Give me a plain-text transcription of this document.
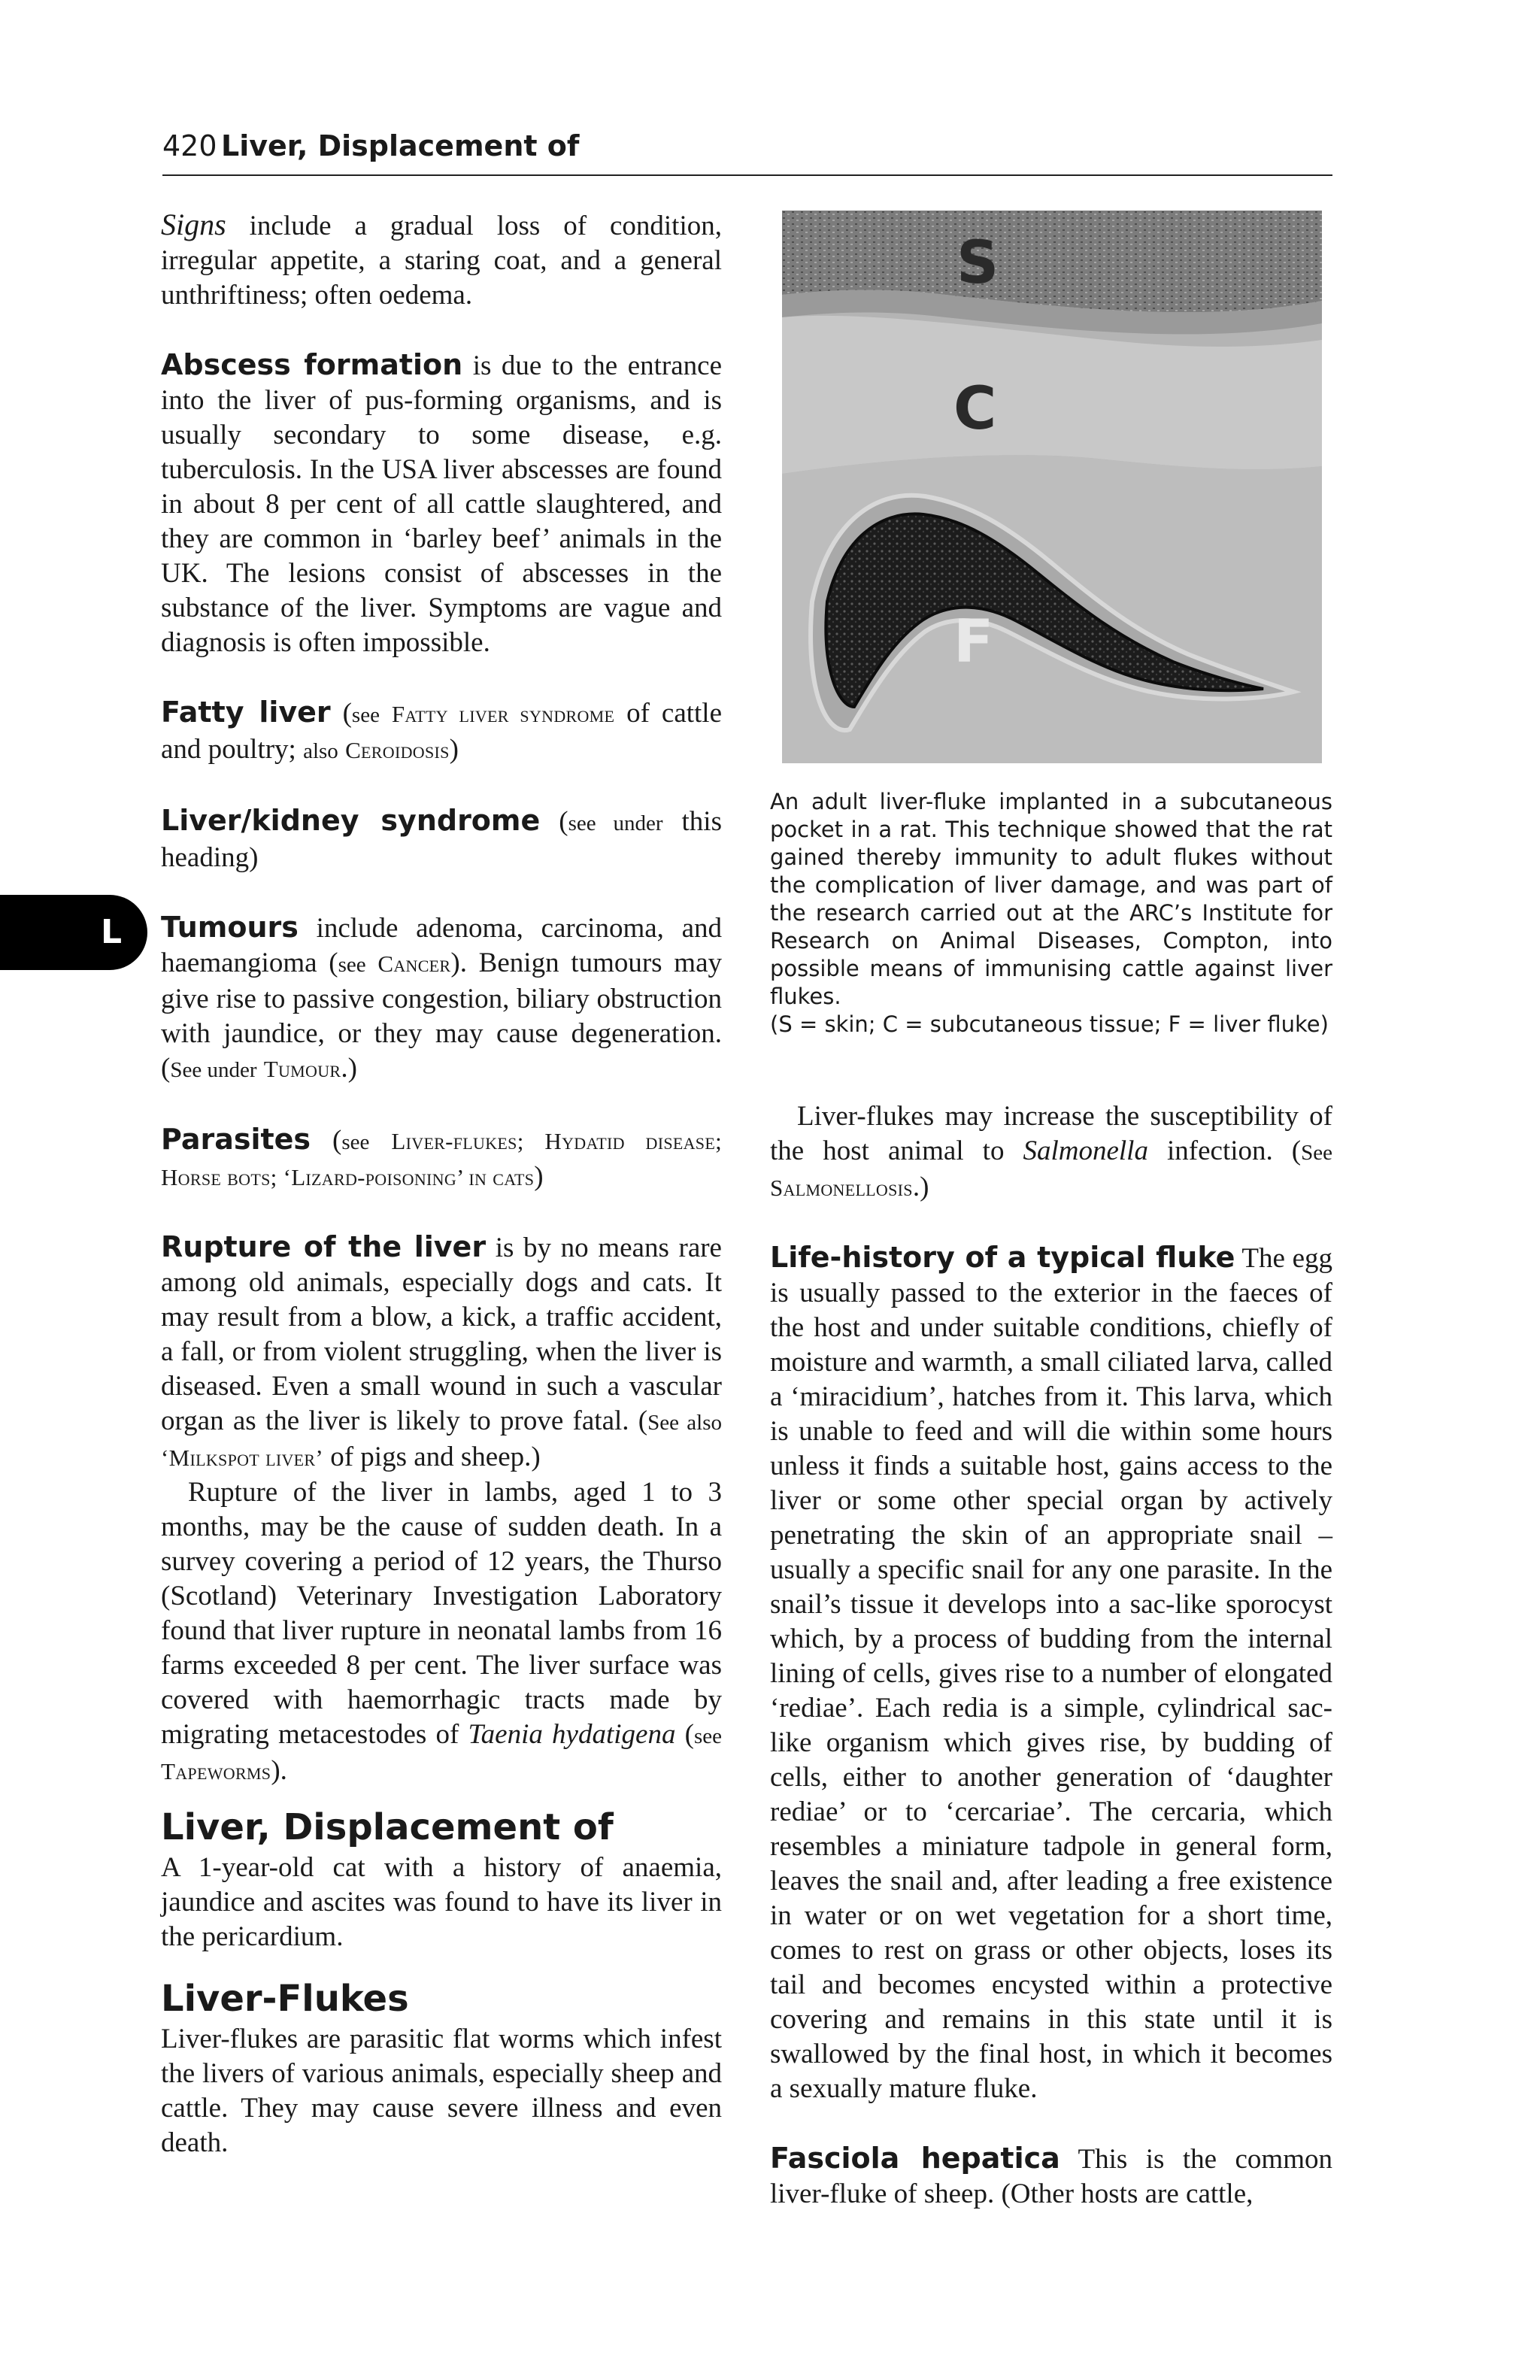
420 Liver, Displacement of
L

Signs include a gradual loss of condition, irregular appetite, a staring coat, and a general unthriftiness; often oedema.

Abscess formation is due to the entrance into the liver of pus-forming organisms, and is usually secondary to some disease, e.g. tuberculosis. In the USA liver abscesses are found in about 8 per cent of all cattle slaughtered, and they are common in ‘barley beef’ animals in the UK. The lesions consist of abscesses in the substance of the liver. Symptoms are vague and diagnosis is often impossible.

Fatty liver (see Fatty liver syndrome of cattle and poultry; also Ceroidosis)

Liver/kidney syndrome (see under this heading)

Tumours include adenoma, carcinoma, and haemangioma (see Cancer). Benign tumours may give rise to passive congestion, biliary obstruction with jaundice, or they may cause degeneration. (See under Tumour.)

Parasites (see Liver-flukes; Hydatid disease; Horse bots; ‘Lizard-poisoning’ in cats)

Rupture of the liver is by no means rare among old animals, especially dogs and cats. It may result from a blow, a kick, a traffic accident, a fall, or from violent struggling, when the liver is diseased. Even a small wound in such a vascular organ as the liver is likely to prove fatal. (See also ‘Milkspot liver’ of pigs and sheep.)

Rupture of the liver in lambs, aged 1 to 3 months, may be the cause of sudden death. In a survey covering a period of 12 years, the Thurso (Scotland) Veterinary Investigation Laboratory found that liver rupture in neonatal lambs from 16 farms exceeded 8 per cent. The liver surface was covered with haemorrhagic tracts made by migrating metacestodes of Taenia hydatigena (see Tapeworms).

Liver, Displacement of

A 1-year-old cat with a history of anaemia, jaundice and ascites was found to have its liver in the pericardium.

Liver-Flukes

Liver-flukes are parasitic flat worms which infest the livers of various animals, especially sheep and cattle. They may cause severe illness and even death.

S
C
F

An adult liver-fluke implanted in a subcutaneous pocket in a rat. This technique showed that the rat gained thereby immunity to adult flukes without the complication of liver damage, and was part of the research carried out at the ARC’s Institute for Research on Animal Diseases, Compton, into possible means of immunising cattle against liver flukes.

(S = skin; C = subcutaneous tissue; F = liver fluke)

Liver-flukes may increase the susceptibility of the host animal to Salmonella infection. (See Salmonellosis.)

Life-history of a typical fluke The egg is usually passed to the exterior in the faeces of the host and under suitable conditions, chiefly of moisture and warmth, a small ciliated larva, called a ‘miracidium’, hatches from it. This larva, which is unable to feed and will die within some hours unless it finds a suitable host, gains access to the liver or some other special organ by actively penetrating the skin of an appropriate snail – usually a specific snail for any one parasite. In the snail’s tissue it develops into a sac-like sporocyst which, by a process of budding from the internal lining of cells, gives rise to a number of elongated ‘rediae’. Each redia is a simple, cylindrical sac-like organism which gives rise, by budding of cells, either to another generation of ‘daughter rediae’ or to ‘cercariae’. The cercaria, which resembles a miniature tadpole in general form, leaves the snail and, after leading a free existence in water or on wet vegetation for a short time, comes to rest on grass or other objects, loses its tail and becomes encysted within a protective covering and remains in this state until it is swallowed by the final host, in which it becomes a sexually mature fluke.

Fasciola hepatica This is the common liver-fluke of sheep. (Other hosts are cattle,
